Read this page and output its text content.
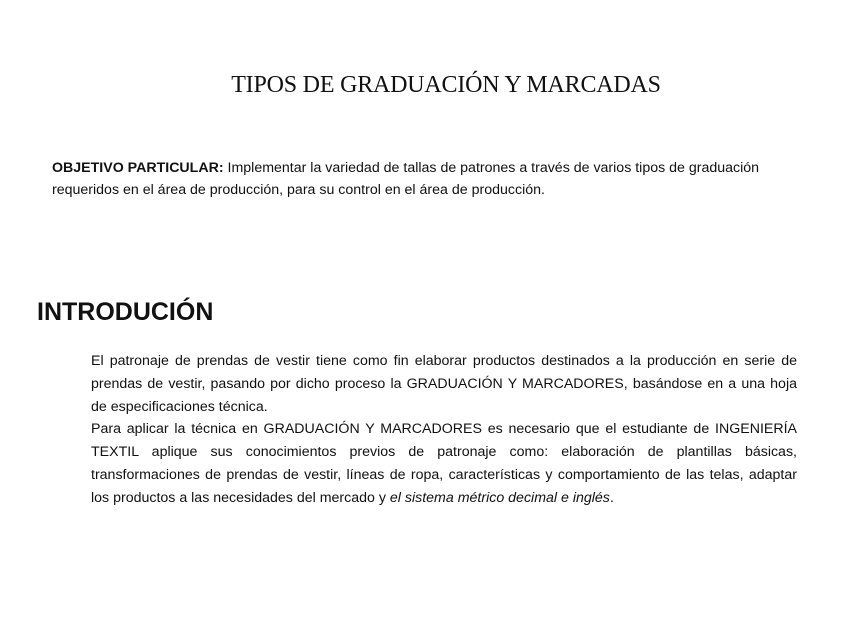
TIPOS DE GRADUACIÓN Y MARCADAS
OBJETIVO PARTICULAR: Implementar la variedad de tallas de patrones a través de varios tipos de graduación requeridos en el área de producción, para su control en el área de producción.
INTRODUCIÓN

El patronaje de prendas de vestir tiene como fin elaborar productos destinados a la producción en serie de prendas de vestir, pasando por dicho proceso la GRADUACIÓN Y MARCADORES, basándose en a una hoja de especificaciones técnica.

Para aplicar la técnica en GRADUACIÓN Y MARCADORES es necesario que el estudiante de INGENIERÍA TEXTIL aplique sus conocimientos previos de patronaje como: elaboración de plantillas básicas, transformaciones de prendas de vestir, líneas de ropa, características y comportamiento de las telas, adaptar los productos a las necesidades del mercado y el sistema métrico decimal e inglés.
